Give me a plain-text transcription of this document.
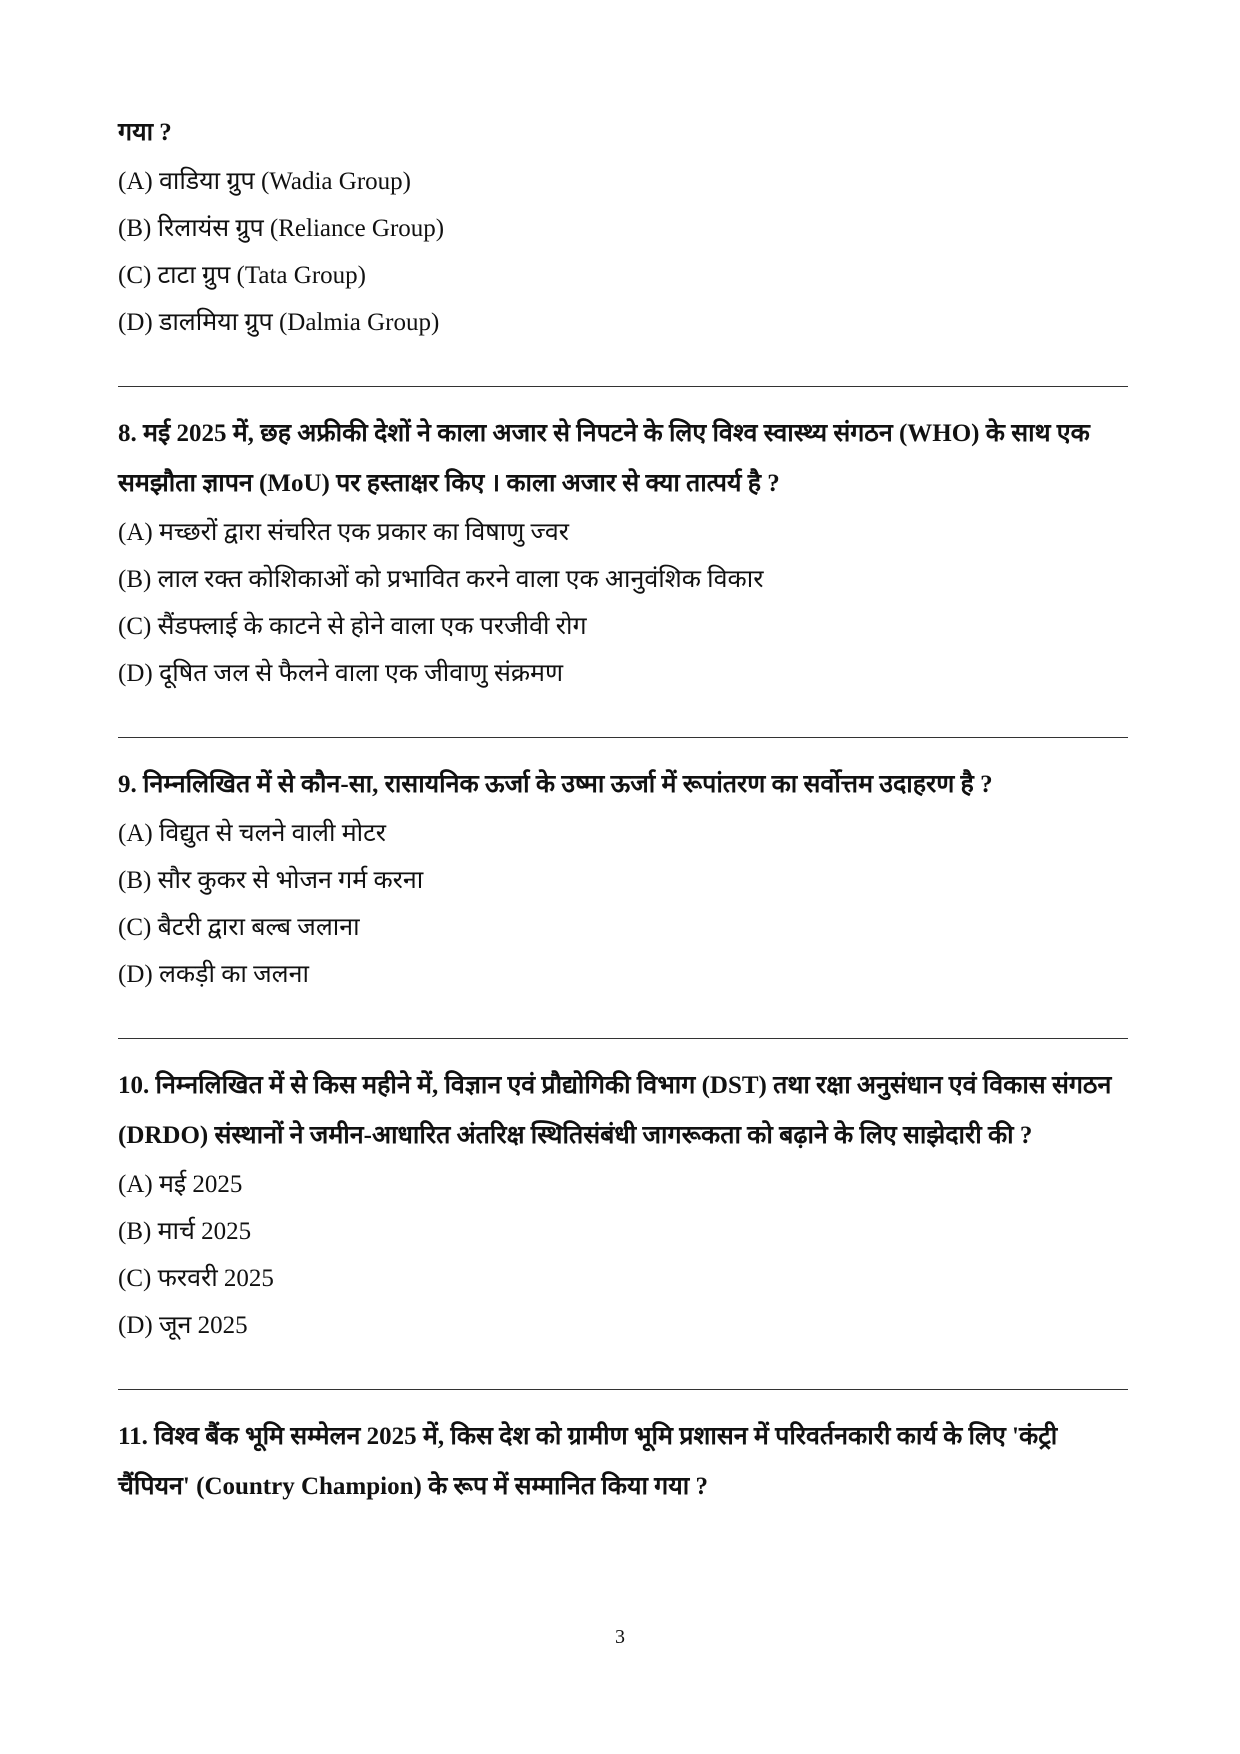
गया ?

(A) वाडिया ग्रुप (Wadia Group)

(B) रिलायंस ग्रुप (Reliance Group)

(C) टाटा ग्रुप (Tata Group)

(D) डालमिया ग्रुप (Dalmia Group)

8. मई 2025 में, छह अफ्रीकी देशों ने काला अजार से निपटने के लिए विश्व स्वास्थ्य संगठन (WHO) के साथ एक समझौता ज्ञापन (MoU) पर हस्ताक्षर किए । काला अजार से क्या तात्पर्य है ?

(A) मच्छरों द्वारा संचरित एक प्रकार का विषाणु ज्वर

(B) लाल रक्त कोशिकाओं को प्रभावित करने वाला एक आनुवंशिक विकार

(C) सैंडफ्लाई के काटने से होने वाला एक परजीवी रोग

(D) दूषित जल से फैलने वाला एक जीवाणु संक्रमण

9. निम्नलिखित में से कौन-सा, रासायनिक ऊर्जा के उष्मा ऊर्जा में रूपांतरण का सर्वोत्तम उदाहरण है ?

(A) विद्युत से चलने वाली मोटर

(B) सौर कुकर से भोजन गर्म करना

(C) बैटरी द्वारा बल्ब जलाना

(D) लकड़ी का जलना

10. निम्नलिखित में से किस महीने में, विज्ञान एवं प्रौद्योगिकी विभाग (DST) तथा रक्षा अनुसंधान एवं विकास संगठन (DRDO) संस्थानों ने जमीन-आधारित अंतरिक्ष स्थितिसंबंधी जागरूकता को बढ़ाने के लिए साझेदारी की ?

(A) मई 2025

(B) मार्च 2025

(C) फरवरी 2025

(D) जून 2025

11. विश्व बैंक भूमि सम्मेलन 2025 में, किस देश को ग्रामीण भूमि प्रशासन में परिवर्तनकारी कार्य के लिए 'कंट्री चैंपियन' (Country Champion) के रूप में सम्मानित किया गया ?

3
